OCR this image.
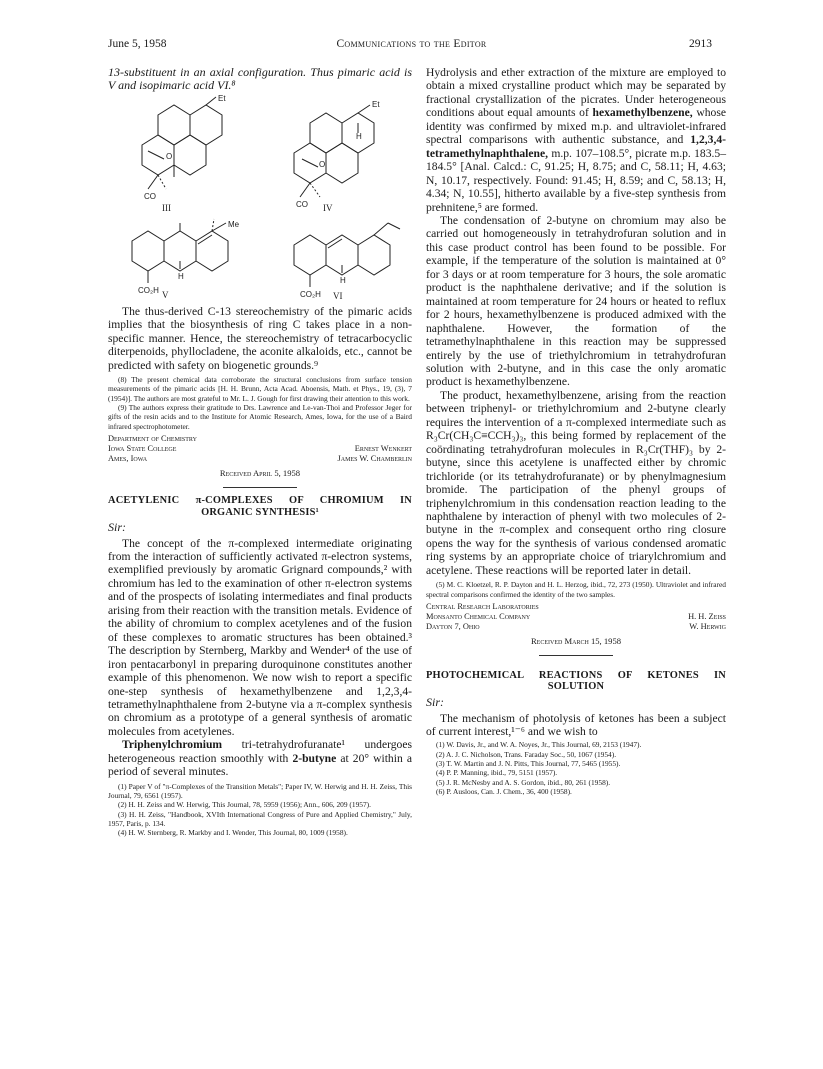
June 5, 1958	Communications to the Editor	2913

13-substituent in an axial configuration. Thus pimaric acid is V and isopimaric acid VI.⁸

Et
Et
Me
CO
CO
CO₂H	CO₂H
O
O
H
H	H
III	IV
V	VI

The thus-derived C-13 stereochemistry of the pimaric acids implies that the biosynthesis of ring C takes place in a non-specific manner. Hence, the stereochemistry of tetracarbocyclic diterpenoids, phyllocladene, the aconite alkaloids, etc., cannot be predicted with safety on biogenetic grounds.⁹

(8) The present chemical data corroborate the structural conclusions from surface tension measurements of the pimaric acids [H. H. Brunn, Acta Acad. Aboensis, Math. et Phys., 19, (3), 7 (1954)]. The authors are most grateful to Mr. L. J. Gough for first drawing their attention to this work.

(9) The authors express their gratitude to Drs. Lawrence and Le-van-Thoi and Professor Jeger for gifts of the resin acids and to the Institute for Atomic Research, Ames, Iowa, for the use of a Baird infrared spectrophotometer.

Department of Chemistry
Iowa State College	Ernest Wenkert
Ames, Iowa	James W. Chamberlin
Received April 5, 1958
ACETYLENIC π-COMPLEXES OF CHROMIUM IN ORGANIC SYNTHESIS¹
Sir:

The concept of the π-complexed intermediate originating from the interaction of sufficiently activated π-electron systems, exemplified previously by aromatic Grignard compounds,² with chromium has led to the examination of other π-electron systems and of the prospects of isolating intermediates and final products arising from their reaction with the transition metals. Evidence of the ability of chromium to complex acetylenes and of the fusion of these complexes to aromatic structures has been obtained.³ The description by Sternberg, Markby and Wender⁴ of the use of iron pentacarbonyl in preparing duroquinone constitutes another example of this phenomenon. We now wish to report a specific one-step synthesis of hexamethylbenzene and 1,2,3,4-tetramethylnaphthalene from 2-butyne via a π-complex synthesis on chromium as a prototype of a general synthesis of aromatic molecules from acetylenes.

Triphenylchromium tri-tetrahydrofuranate¹ undergoes heterogeneous reaction smoothly with 2-butyne at 20° within a period of several minutes.

(1) Paper V of "π-Complexes of the Transition Metals"; Paper IV, W. Herwig and H. H. Zeiss, This Journal, 79, 6561 (1957).

(2) H. H. Zeiss and W. Herwig, This Journal, 78, 5959 (1956); Ann., 606, 209 (1957).

(3) H. H. Zeiss, "Handbook, XVIth International Congress of Pure and Applied Chemistry," July, 1957, Paris, p. 134.

(4) H. W. Sternberg, R. Markby and I. Wender, This Journal, 80, 1009 (1958).

Hydrolysis and ether extraction of the mixture are employed to obtain a mixed crystalline product which may be separated by fractional crystallization of the picrates. Under heterogeneous conditions about equal amounts of hexamethylbenzene, whose identity was confirmed by mixed m.p. and ultraviolet-infrared spectral comparisons with authentic substance, and 1,2,3,4-tetramethylnaphthalene, m.p. 107–108.5°, picrate m.p. 183.5–184.5° [Anal. Calcd.: C, 91.25; H, 8.75; and C, 58.11; H, 4.63; N, 10.17, respectively. Found: 91.45; H, 8.59; and C, 58.13; H, 4.34; N, 10.55], hitherto available by a five-step synthesis from prehnitene,⁵ are formed.

The condensation of 2-butyne on chromium may also be carried out homogeneously in tetrahydrofuran solution and in this case product control has been found to be possible. For example, if the temperature of the solution is maintained at 0° for 3 days or at room temperature for 3 hours, the sole aromatic product is the naphthalene derivative; and if the solution is maintained at room temperature for 24 hours or heated to reflux for 2 hours, hexamethylbenzene is produced admixed with the naphthalene. However, the formation of the tetramethylnaphthalene in this reaction may be suppressed entirely by the use of triethylchromium in tetrahydrofuran solution with 2-butyne, and in this case the only aromatic product is hexamethylbenzene.

The product, hexamethylbenzene, arising from the reaction between triphenyl- or triethylchromium and 2-butyne clearly requires the intervention of a π-complexed intermediate such as R₃Cr(CH₃C≡CCH₃)₃, this being formed by replacement of the coördinating tetrahydrofuran molecules in R₃Cr(THF)₃ by 2-butyne, since this acetylene is unaffected either by chromic trichloride (or its tetrahydrofuranate) or by phenylmagnesium bromide. The participation of the phenyl groups of triphenylchromium in this condensation reaction leading to the naphthalene by interaction of phenyl with two molecules of 2-butyne in the π-complex and consequent ortho ring closure opens the way for the synthesis of various condensed aromatic ring systems by an appropriate choice of triarylchromium and acetylene. These reactions will be reported later in detail.

(5) M. C. Kloetzel, R. P. Dayton and H. L. Herzog, ibid., 72, 273 (1950). Ultraviolet and infrared spectral comparisons confirmed the identity of the two samples.

Central Research Laboratories
Monsanto Chemical Company	H. H. Zeiss
Dayton 7, Ohio	W. Herwig
Received March 15, 1958
PHOTOCHEMICAL REACTIONS OF KETONES IN SOLUTION
Sir:

The mechanism of photolysis of ketones has been a subject of current interest,¹⁻⁶ and we wish to

(1) W. Davis, Jr., and W. A. Noyes, Jr., This Journal, 69, 2153 (1947).

(2) A. J. C. Nicholson, Trans. Faraday Soc., 50, 1067 (1954).

(3) T. W. Martin and J. N. Pitts, This Journal, 77, 5465 (1955).

(4) P. P. Manning, ibid., 79, 5151 (1957).

(5) J. R. McNesby and A. S. Gordon, ibid., 80, 261 (1958).

(6) P. Ausloos, Can. J. Chem., 36, 400 (1958).
